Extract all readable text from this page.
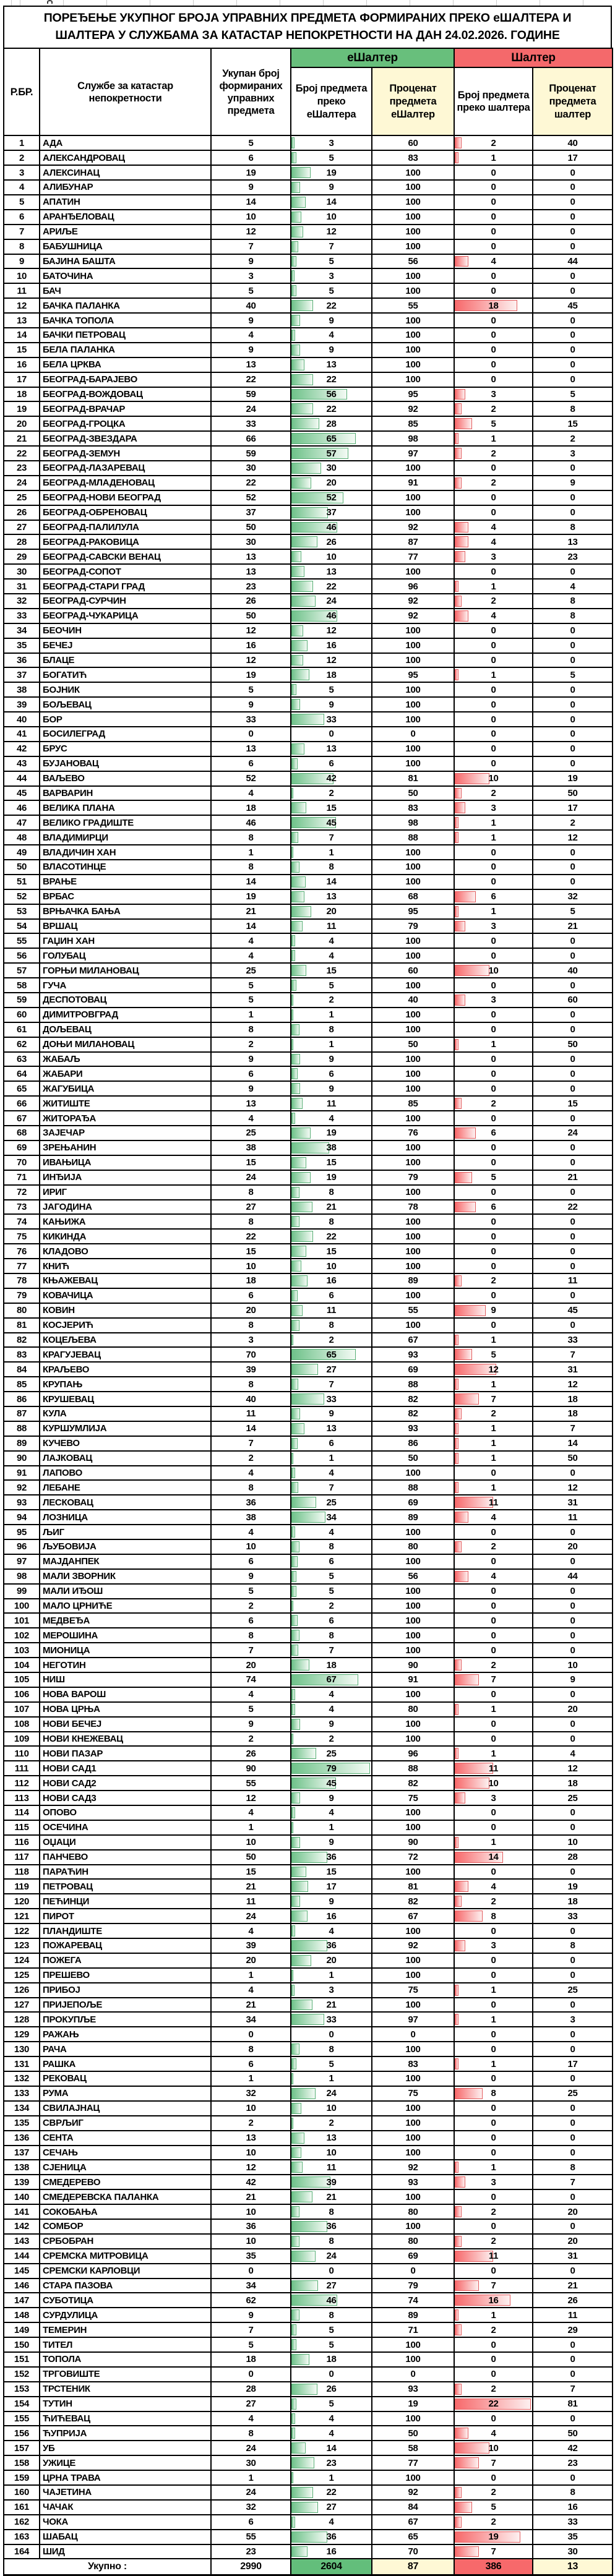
ПОРЕЂЕЊЕ УКУПНОГ БРОЈА УПРАВНИХ ПРЕДМЕТА ФОРМИРАНИХ ПРЕКО еШАЛТЕРА И
ШАЛТЕРА У СЛУЖБАМА ЗА КАТАСТАР НЕПОКРЕТНОСТИ НА ДАН 24.02.2026. ГОДИНЕ
Р.БР.	Службе за катастар непокретности	Укупан број формираних управних предмета	еШалтер		Шалтер	
			Број предмета преко еШалтера	Проценат предмета еШалтер	Број предмета преко шалтера	Проценат предмета шалтер
1	АДА	5	3	60	2	40
2	АЛЕКСАНДРОВАЦ	6	5	83	1	17
3	АЛЕКСИНАЦ	19	19	100	0	0
4	АЛИБУНАР	9	9	100	0	0
5	АПАТИН	14	14	100	0	0
6	АРАНЂЕЛОВАЦ	10	10	100	0	0
7	АРИЉЕ	12	12	100	0	0
8	БАБУШНИЦА	7	7	100	0	0
9	БАЈИНА БАШТА	9	5	56	4	44
10	БАТОЧИНА	3	3	100	0	0
11	БАЧ	5	5	100	0	0
12	БАЧКА ПАЛАНКА	40	22	55	18	45
13	БАЧКА ТОПОЛА	9	9	100	0	0
14	БАЧКИ ПЕТРОВАЦ	4	4	100	0	0
15	БЕЛА ПАЛАНКА	9	9	100	0	0
16	БЕЛА ЦРКВА	13	13	100	0	0
17	БЕОГРАД-БАРАЈЕВО	22	22	100	0	0
18	БЕОГРАД-ВОЖДОВАЦ	59	56	95	3	5
19	БЕОГРАД-ВРАЧАР	24	22	92	2	8
20	БЕОГРАД-ГРОЦКА	33	28	85	5	15
21	БЕОГРАД-ЗВЕЗДАРА	66	65	98	1	2
22	БЕОГРАД-ЗЕМУН	59	57	97	2	3
23	БЕОГРАД-ЛАЗАРЕВАЦ	30	30	100	0	0
24	БЕОГРАД-МЛАДЕНОВАЦ	22	20	91	2	9
25	БЕОГРАД-НОВИ БЕОГРАД	52	52	100	0	0
26	БЕОГРАД-ОБРЕНОВАЦ	37	37	100	0	0
27	БЕОГРАД-ПАЛИЛУЛА	50	46	92	4	8
28	БЕОГРАД-РАКОВИЦА	30	26	87	4	13
29	БЕОГРАД-САВСКИ ВЕНАЦ	13	10	77	3	23
30	БЕОГРАД-СОПОТ	13	13	100	0	0
31	БЕОГРАД-СТАРИ ГРАД	23	22	96	1	4
32	БЕОГРАД-СУРЧИН	26	24	92	2	8
33	БЕОГРАД-ЧУКАРИЦА	50	46	92	4	8
34	БЕОЧИН	12	12	100	0	0
35	БЕЧЕЈ	16	16	100	0	0
36	БЛАЦЕ	12	12	100	0	0
37	БОГАТИЋ	19	18	95	1	5
38	БОЈНИК	5	5	100	0	0
39	БОЉЕВАЦ	9	9	100	0	0
40	БОР	33	33	100	0	0
41	БОСИЛЕГРАД	0	0	0	0	0
42	БРУС	13	13	100	0	0
43	БУЈАНОВАЦ	6	6	100	0	0
44	ВАЉЕВО	52	42	81	10	19
45	ВАРВАРИН	4	2	50	2	50
46	ВЕЛИКА ПЛАНА	18	15	83	3	17
47	ВЕЛИКО ГРАДИШТЕ	46	45	98	1	2
48	ВЛАДИМИРЦИ	8	7	88	1	12
49	ВЛАДИЧИН ХАН	1	1	100	0	0
50	ВЛАСОТИНЦЕ	8	8	100	0	0
51	ВРАЊЕ	14	14	100	0	0
52	ВРБАС	19	13	68	6	32
53	ВРЊАЧКА БАЊА	21	20	95	1	5
54	ВРШАЦ	14	11	79	3	21
55	ГАЏИН ХАН	4	4	100	0	0
56	ГОЛУБАЦ	4	4	100	0	0
57	ГОРЊИ МИЛАНОВАЦ	25	15	60	10	40
58	ГУЧА	5	5	100	0	0
59	ДЕСПОТОВАЦ	5	2	40	3	60
60	ДИМИТРОВГРАД	1	1	100	0	0
61	ДОЉЕВАЦ	8	8	100	0	0
62	ДОЊИ МИЛАНОВАЦ	2	1	50	1	50
63	ЖАБАЉ	9	9	100	0	0
64	ЖАБАРИ	6	6	100	0	0
65	ЖАГУБИЦА	9	9	100	0	0
66	ЖИТИШТЕ	13	11	85	2	15
67	ЖИТОРАЂА	4	4	100	0	0
68	ЗАЈЕЧАР	25	19	76	6	24
69	ЗРЕЊАНИН	38	38	100	0	0
70	ИВАЊИЦА	15	15	100	0	0
71	ИНЂИЈА	24	19	79	5	21
72	ИРИГ	8	8	100	0	0
73	ЈАГОДИНА	27	21	78	6	22
74	КАЊИЖА	8	8	100	0	0
75	КИКИНДА	22	22	100	0	0
76	КЛАДОВО	15	15	100	0	0
77	КНИЋ	10	10	100	0	0
78	КЊАЖЕВАЦ	18	16	89	2	11
79	КОВАЧИЦА	6	6	100	0	0
80	КОВИН	20	11	55	9	45
81	КОСЈЕРИЋ	8	8	100	0	0
82	КОЦЕЉЕВА	3	2	67	1	33
83	КРАГУЈЕВАЦ	70	65	93	5	7
84	КРАЉЕВО	39	27	69	12	31
85	КРУПАЊ	8	7	88	1	12
86	КРУШЕВАЦ	40	33	82	7	18
87	КУЛА	11	9	82	2	18
88	КУРШУМЛИЈА	14	13	93	1	7
89	КУЧЕВО	7	6	86	1	14
90	ЛАЈКОВАЦ	2	1	50	1	50
91	ЛАПОВО	4	4	100	0	0
92	ЛЕБАНЕ	8	7	88	1	12
93	ЛЕСКОВАЦ	36	25	69	11	31
94	ЛОЗНИЦА	38	34	89	4	11
95	ЉИГ	4	4	100	0	0
96	ЉУБОВИЈА	10	8	80	2	20
97	МАЈДАНПЕК	6	6	100	0	0
98	МАЛИ ЗВОРНИК	9	5	56	4	44
99	МАЛИ ИЂОШ	5	5	100	0	0
100	МАЛО ЦРНИЋЕ	2	2	100	0	0
101	МЕДВЕЂА	6	6	100	0	0
102	МЕРОШИНА	8	8	100	0	0
103	МИОНИЦА	7	7	100	0	0
104	НЕГОТИН	20	18	90	2	10
105	НИШ	74	67	91	7	9
106	НОВА ВАРОШ	4	4	100	0	0
107	НОВА ЦРЊА	5	4	80	1	20
108	НОВИ БЕЧЕЈ	9	9	100	0	0
109	НОВИ КНЕЖЕВАЦ	2	2	100	0	0
110	НОВИ ПАЗАР	26	25	96	1	4
111	НОВИ САД1	90	79	88	11	12
112	НОВИ САД2	55	45	82	10	18
113	НОВИ САД3	12	9	75	3	25
114	ОПОВО	4	4	100	0	0
115	ОСЕЧИНА	1	1	100	0	0
116	ОЏАЦИ	10	9	90	1	10
117	ПАНЧЕВО	50	36	72	14	28
118	ПАРАЋИН	15	15	100	0	0
119	ПЕТРОВАЦ	21	17	81	4	19
120	ПЕЋИНЦИ	11	9	82	2	18
121	ПИРОТ	24	16	67	8	33
122	ПЛАНДИШТЕ	4	4	100	0	0
123	ПОЖАРЕВАЦ	39	36	92	3	8
124	ПОЖЕГА	20	20	100	0	0
125	ПРЕШЕВО	1	1	100	0	0
126	ПРИБОЈ	4	3	75	1	25
127	ПРИЈЕПОЉЕ	21	21	100	0	0
128	ПРОКУПЉЕ	34	33	97	1	3
129	РАЖАЊ	0	0	0	0	0
130	РАЧА	8	8	100	0	0
131	РАШКА	6	5	83	1	17
132	РЕКОВАЦ	1	1	100	0	0
133	РУМА	32	24	75	8	25
134	СВИЛАЈНАЦ	10	10	100	0	0
135	СВРЉИГ	2	2	100	0	0
136	СЕНТА	13	13	100	0	0
137	СЕЧАЊ	10	10	100	0	0
138	СЈЕНИЦА	12	11	92	1	8
139	СМЕДЕРЕВО	42	39	93	3	7
140	СМЕДЕРЕВСКА ПАЛАНКА	21	21	100	0	0
141	СОКОБАЊА	10	8	80	2	20
142	СОМБОР	36	36	100	0	0
143	СРБОБРАН	10	8	80	2	20
144	СРЕМСКА МИТРОВИЦА	35	24	69	11	31
145	СРЕМСКИ КАРЛОВЦИ	0	0	0	0	0
146	СТАРА ПАЗОВА	34	27	79	7	21
147	СУБОТИЦА	62	46	74	16	26
148	СУРДУЛИЦА	9	8	89	1	11
149	ТЕМЕРИН	7	5	71	2	29
150	ТИТЕЛ	5	5	100	0	0
151	ТОПОЛА	18	18	100	0	0
152	ТРГОВИШТЕ	0	0	0	0	0
153	ТРСТЕНИК	28	26	93	2	7
154	ТУТИН	27	5	19	22	81
155	ЋИЋЕВАЦ	4	4	100	0	0
156	ЋУПРИЈА	8	4	50	4	50
157	УБ	24	14	58	10	42
158	УЖИЦЕ	30	23	77	7	23
159	ЦРНА ТРАВА	1	1	100	0	0
160	ЧАЈЕТИНА	24	22	92	2	8
161	ЧАЧАК	32	27	84	5	16
162	ЧОКА	6	4	67	2	33
163	ШАБАЦ	55	36	65	19	35
164	ШИД	23	16	70	7	30
Укупно :		2990	2604	87	386	13
